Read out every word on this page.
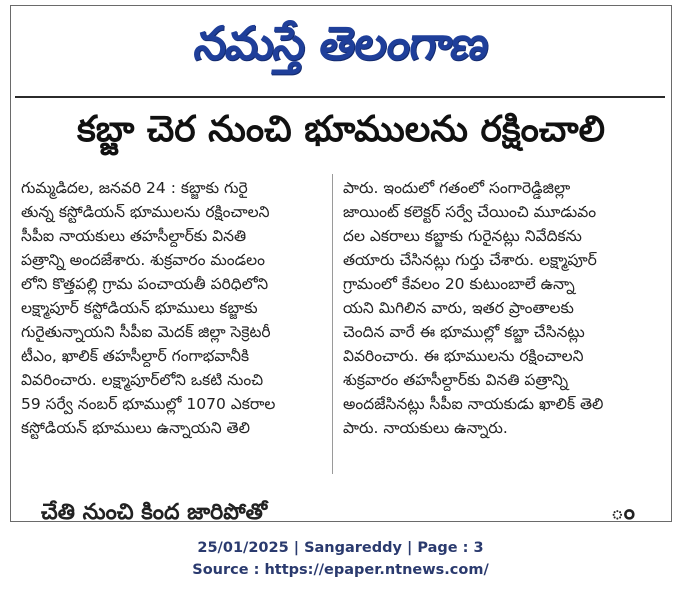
నమస్తే తెలంగాణ
కబ్జా చెర నుంచి భూములను రక్షించాలి
గుమ్మడిదల, జనవరి 24 : కబ్జాకు గురై
తున్న కస్టోడియన్ భూములను రక్షించాలని
సీపీఐ నాయకులు తహసీల్దార్‌కు వినతి
పత్రాన్ని అందజేశారు. శుక్రవారం మండలం
లోని కొత్తపల్లి గ్రామ పంచాయతీ పరిధిలోని
లక్ష్మాపూర్ కస్టోడియన్ భూములు కబ్జాకు
గురైతున్నాయని సీపీఐ మెదక్ జిల్లా సెక్రెటరీ
టీఎం, ఖాలిక్ తహసీల్దార్ గంగాభవానీకి
వివరించారు. లక్ష్మాపూర్‌లోని ఒకటి నుంచి
59 సర్వే నంబర్ భూముల్లో 1070 ఎకరాల
కస్టోడియన్ భూములు ఉన్నాయని తెలి
పారు. ఇందులో గతంలో సంగారెడ్డిజిల్లా
జాయింట్ కలెక్టర్ సర్వే చేయించి మూడువం
దల ఎకరాలు కబ్జాకు గురైనట్లు నివేదికను
తయారు చేసినట్లు గుర్తు చేశారు. లక్ష్మాపూర్
గ్రామంలో కేవలం 20 కుటుంబాలే ఉన్నా
యని మిగిలిన వారు, ఇతర ప్రాంతాలకు
చెందిన వారే ఈ భూముల్లో కబ్జా చేసినట్లు
వివరించారు. ఈ భూములను రక్షించాలని
శుక్రవారం తహసీల్దార్‌కు వినతి పత్రాన్ని
అందజేసినట్లు సీపీఐ నాయకుడు ఖాలిక్ తెలి
పారు. నాయకులు ఉన్నారు.
చేతి నుంచి కింద జారిపోతో	ం
25/01/2025 | Sangareddy | Page : 3
Source : https://epaper.ntnews.com/
